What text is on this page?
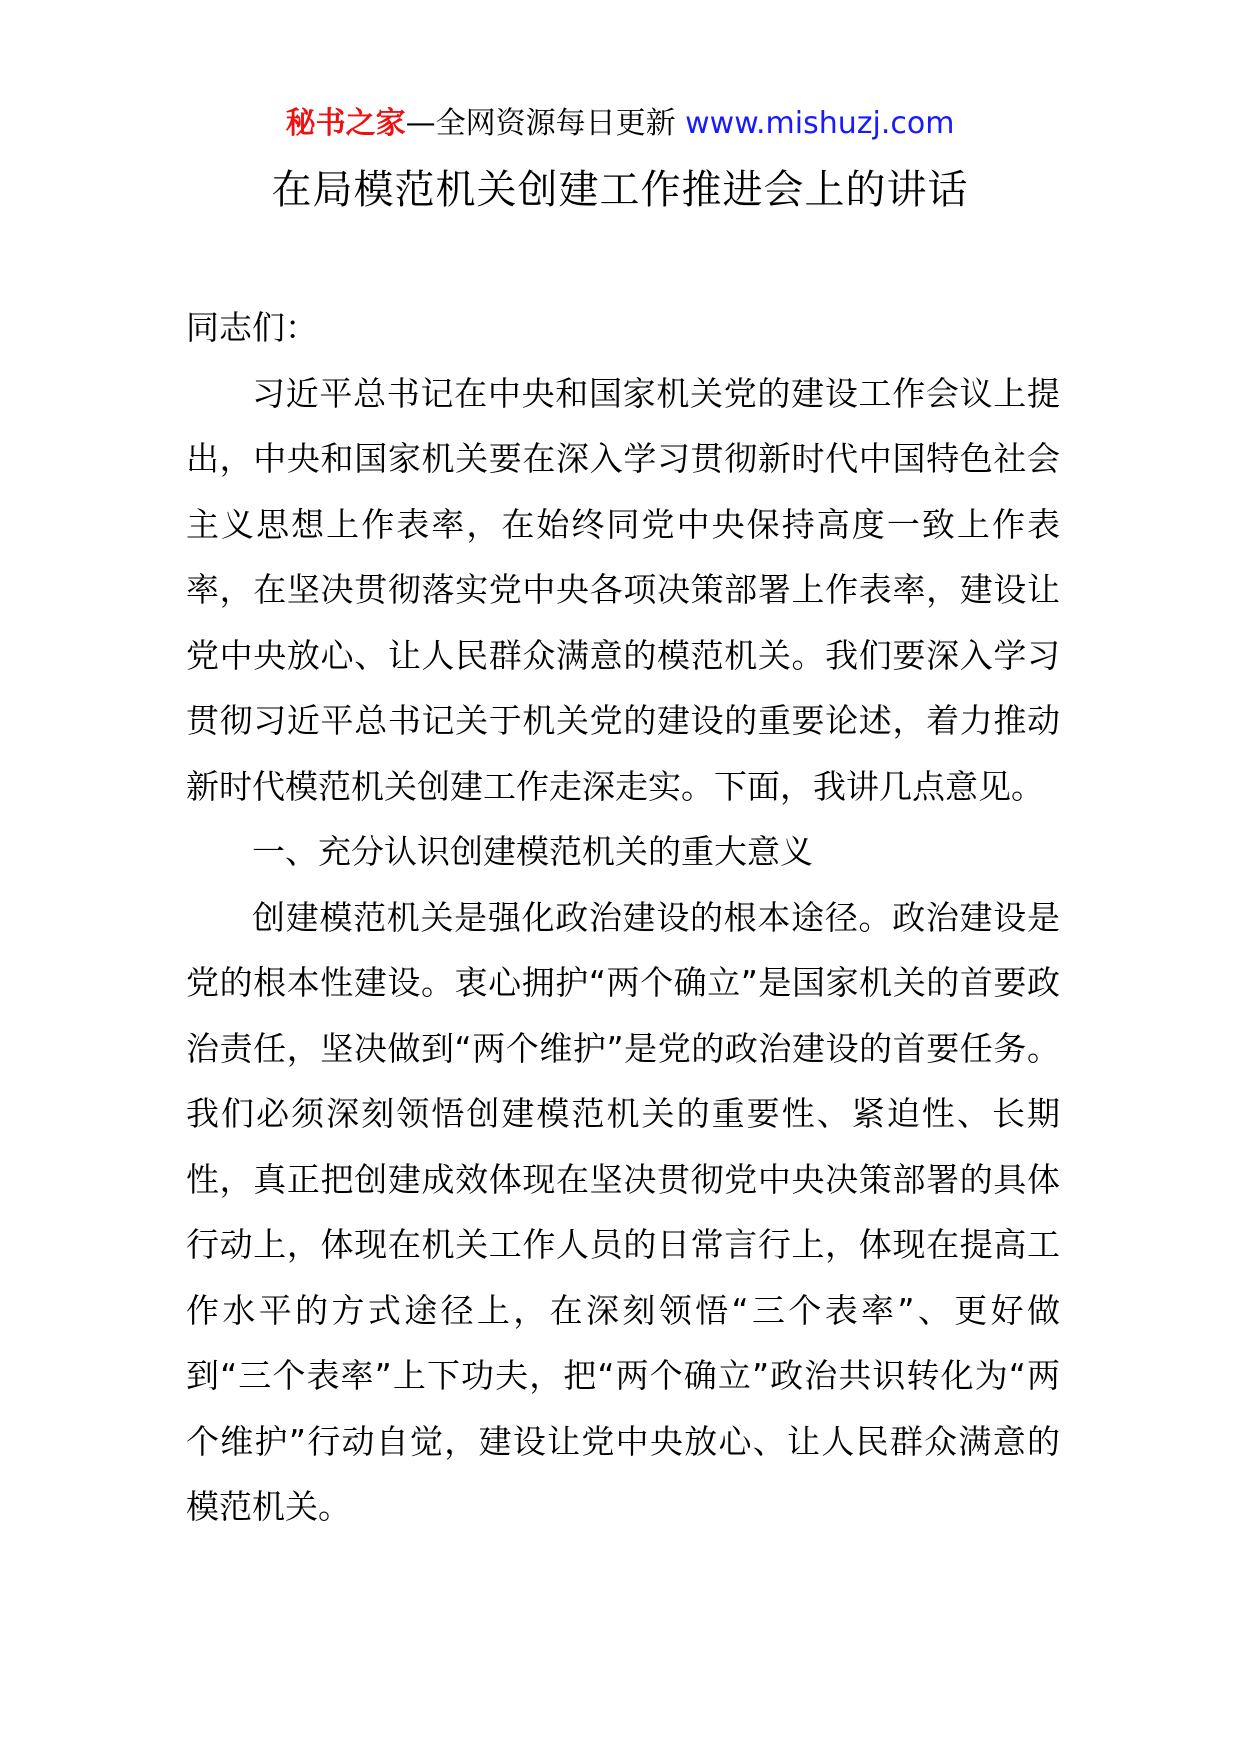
秘书之家—全网资源每日更新 www.mishuzj.com
在局模范机关创建工作推进会上的讲话

同志们：

习近平总书记在中央和国家机关党的建设工作会议上提出，中央和国家机关要在深入学习贯彻新时代中国特色社会主义思想上作表率，在始终同党中央保持高度一致上作表率，在坚决贯彻落实党中央各项决策部署上作表率，建设让党中央放心、让人民群众满意的模范机关。我们要深入学习贯彻习近平总书记关于机关党的建设的重要论述，着力推动新时代模范机关创建工作走深走实。下面，我讲几点意见。

一、充分认识创建模范机关的重大意义

创建模范机关是强化政治建设的根本途径。政治建设是党的根本性建设。衷心拥护“两个确立”是国家机关的首要政治责任，坚决做到“两个维护”是党的政治建设的首要任务。我们必须深刻领悟创建模范机关的重要性、紧迫性、长期性，真正把创建成效体现在坚决贯彻党中央决策部署的具体行动上，体现在机关工作人员的日常言行上，体现在提高工作水平的方式途径上，在深刻领悟“三个表率”、更好做到“三个表率”上下功夫，把“两个确立”政治共识转化为“两个维护”行动自觉，建设让党中央放心、让人民群众满意的模范机关。
